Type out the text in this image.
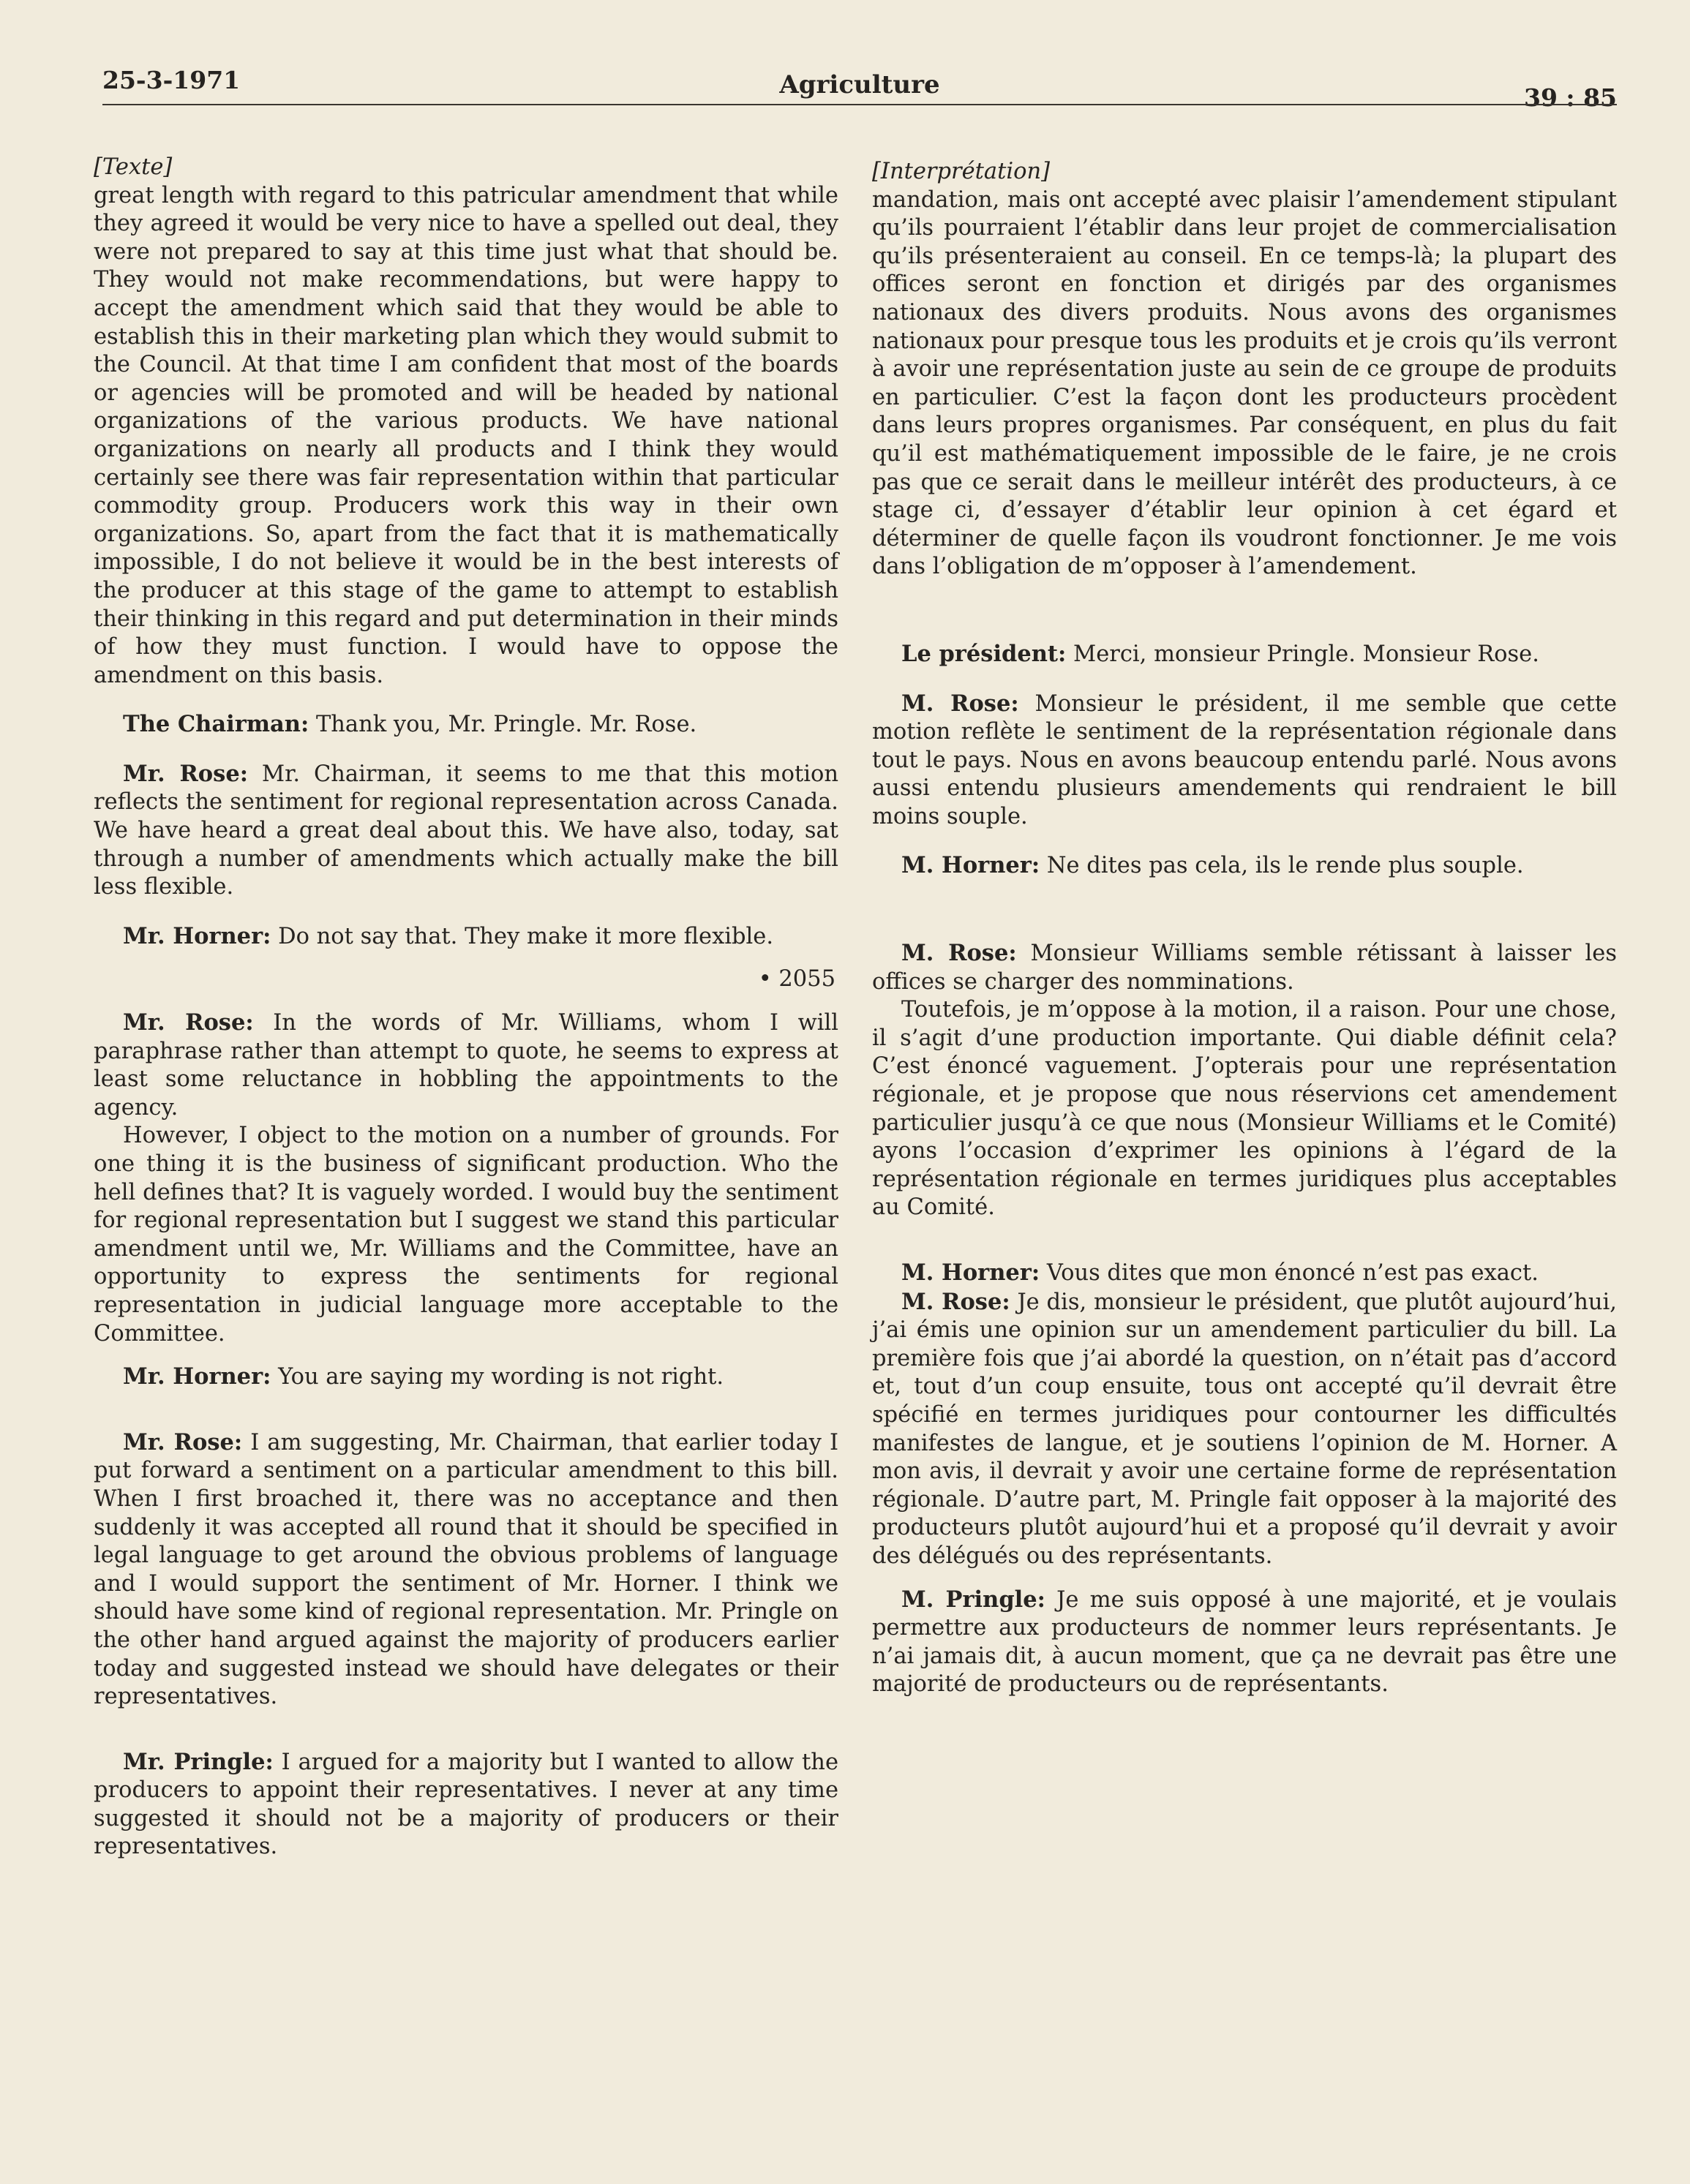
25-3-1971	Agriculture	39 : 85

[Texte]

great length with regard to this patricular amendment that while they agreed it would be very nice to have a spelled out deal, they were not prepared to say at this time just what that should be. They would not make recommendations, but were happy to accept the amendment which said that they would be able to establish this in their marketing plan which they would submit to the Council. At that time I am confident that most of the boards or agencies will be promoted and will be headed by national organizations of the various products. We have national organizations on nearly all products and I think they would certainly see there was fair representation within that particular commodity group. Producers work this way in their own organizations. So, apart from the fact that it is mathematically impossible, I do not believe it would be in the best interests of the producer at this stage of the game to attempt to establish their thinking in this regard and put determination in their minds of how they must function. I would have to oppose the amendment on this basis.

The Chairman: Thank you, Mr. Pringle. Mr. Rose.

Mr. Rose: Mr. Chairman, it seems to me that this motion reflects the sentiment for regional representation across Canada. We have heard a great deal about this. We have also, today, sat through a number of amendments which actually make the bill less flexible.

Mr. Horner: Do not say that. They make it more flexible.

• 2055

Mr. Rose: In the words of Mr. Williams, whom I will paraphrase rather than attempt to quote, he seems to express at least some reluctance in hobbling the appointments to the agency.

However, I object to the motion on a number of grounds. For one thing it is the business of significant production. Who the hell defines that? It is vaguely worded. I would buy the sentiment for regional representation but I suggest we stand this particular amendment until we, Mr. Williams and the Committee, have an opportunity to express the sentiments for regional representation in judicial language more acceptable to the Committee.

Mr. Horner: You are saying my wording is not right.

Mr. Rose: I am suggesting, Mr. Chairman, that earlier today I put forward a sentiment on a particular amendment to this bill. When I first broached it, there was no acceptance and then suddenly it was accepted all round that it should be specified in legal language to get around the obvious problems of language and I would support the sentiment of Mr. Horner. I think we should have some kind of regional representation. Mr. Pringle on the other hand argued against the majority of producers earlier today and suggested instead we should have delegates or their representatives.

Mr. Pringle: I argued for a majority but I wanted to allow the producers to appoint their representatives. I never at any time suggested it should not be a majority of producers or their representatives.

[Interprétation]

mandation, mais ont accepté avec plaisir l’amendement stipulant qu’ils pourraient l’établir dans leur projet de commercialisation qu’ils présenteraient au conseil. En ce temps-là; la plupart des offices seront en fonction et dirigés par des organismes nationaux des divers produits. Nous avons des organismes nationaux pour presque tous les produits et je crois qu’ils verront à avoir une représentation juste au sein de ce groupe de produits en particulier. C’est la façon dont les producteurs procèdent dans leurs propres organismes. Par conséquent, en plus du fait qu’il est mathématiquement impossible de le faire, je ne crois pas que ce serait dans le meilleur intérêt des producteurs, à ce stage ci, d’essayer d’établir leur opinion à cet égard et déterminer de quelle façon ils voudront fonctionner. Je me vois dans l’obligation de m’opposer à l’amendement.

Le président: Merci, monsieur Pringle. Monsieur Rose.

M. Rose: Monsieur le président, il me semble que cette motion reflète le sentiment de la représentation régionale dans tout le pays. Nous en avons beaucoup entendu parlé. Nous avons aussi entendu plusieurs amendements qui rendraient le bill moins souple.

M. Horner: Ne dites pas cela, ils le rende plus souple.

M. Rose: Monsieur Williams semble rétissant à laisser les offices se charger des nomminations.

Toutefois, je m’oppose à la motion, il a raison. Pour une chose, il s’agit d’une production importante. Qui diable définit cela? C’est énoncé vaguement. J’opterais pour une représentation régionale, et je propose que nous réservions cet amendement particulier jusqu’à ce que nous (Monsieur Williams et le Comité) ayons l’occasion d’exprimer les opinions à l’égard de la représentation régionale en termes juridiques plus acceptables au Comité.

M. Horner: Vous dites que mon énoncé n’est pas exact.

M. Rose: Je dis, monsieur le président, que plutôt aujourd’hui, j’ai émis une opinion sur un amendement particulier du bill. La première fois que j’ai abordé la question, on n’était pas d’accord et, tout d’un coup ensuite, tous ont accepté qu’il devrait être spécifié en termes juridiques pour contourner les difficultés manifestes de langue, et je soutiens l’opinion de M. Horner. A mon avis, il devrait y avoir une certaine forme de représentation régionale. D’autre part, M. Pringle fait opposer à la majorité des producteurs plutôt aujourd’hui et a proposé qu’il devrait y avoir des délégués ou des représentants.

M. Pringle: Je me suis opposé à une majorité, et je voulais permettre aux producteurs de nommer leurs représentants. Je n’ai jamais dit, à aucun moment, que ça ne devrait pas être une majorité de producteurs ou de représentants.
